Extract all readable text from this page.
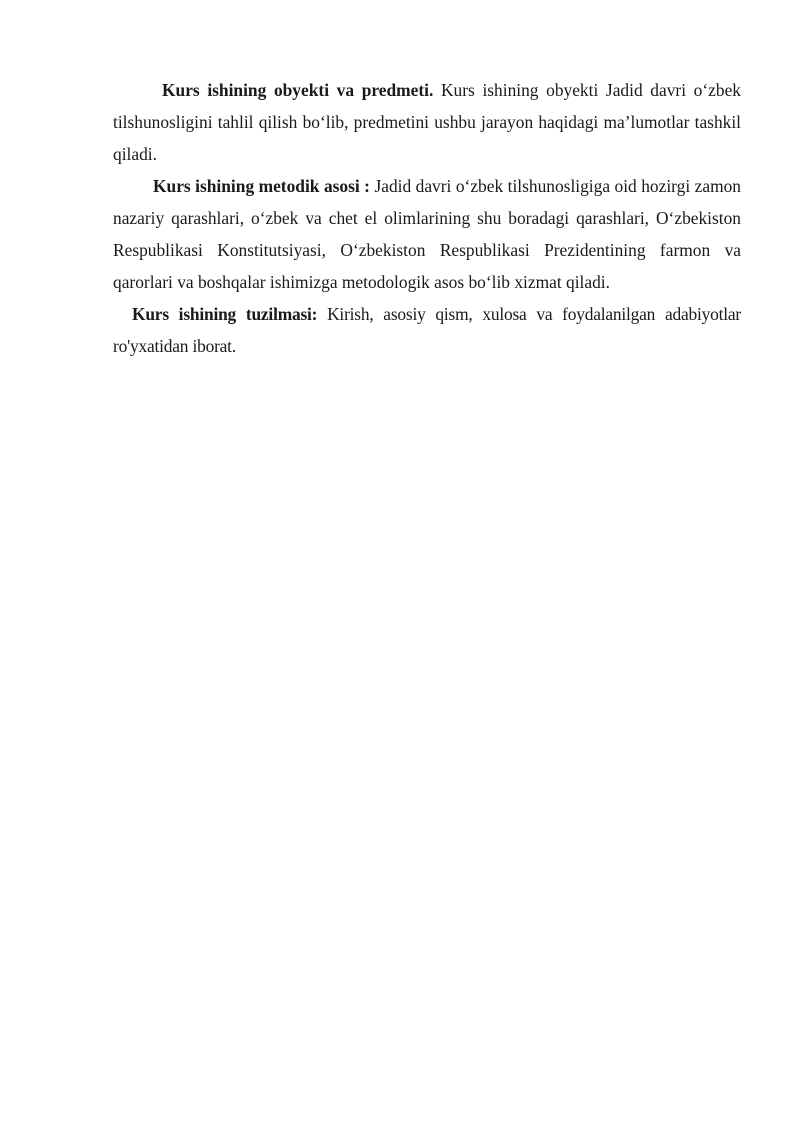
Kurs ishining obyekti va predmeti. Kurs ishining obyekti Jadid davri o‘zbek tilshunosligini tahlil qilish bo‘lib, predmetini ushbu jarayon haqidagi ma’lumotlar tashkil qiladi.

Kurs ishining metodik asosi : Jadid davri o‘zbek tilshunosligiga oid hozirgi zamon nazariy qarashlari, o‘zbek va chet el olimlarining shu boradagi qarashlari, O‘zbekiston Respublikasi Konstitutsiyasi, O‘zbekiston Respublikasi Prezidentining farmon va qarorlari va boshqalar ishimizga metodologik asos bo‘lib xizmat qiladi.

Kurs ishining tuzilmasi: Kirish, asosiy qism, xulosa va foydalanilgan adabiyotlar ro'yxatidan iborat.
